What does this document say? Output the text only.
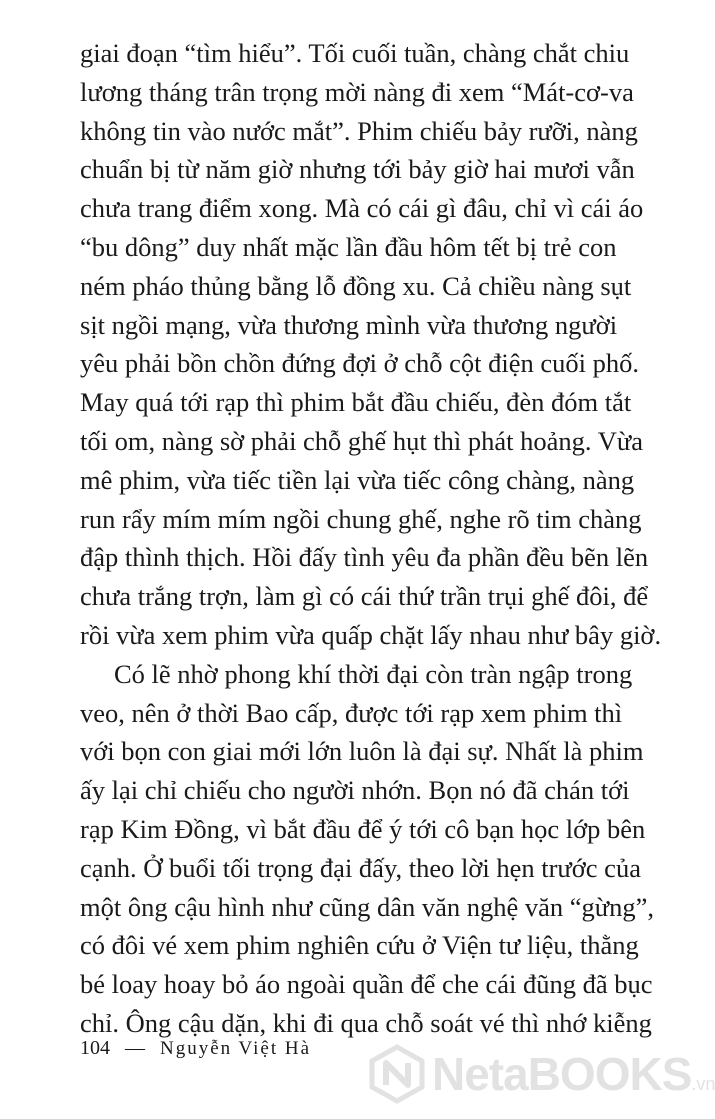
giai đoạn “tìm hiểu”. Tối cuối tuần, chàng chắt chiu
lương tháng trân trọng mời nàng đi xem “Mát-cơ-va
không tin vào nước mắt”. Phim chiếu bảy rưỡi, nàng
chuẩn bị từ năm giờ nhưng tới bảy giờ hai mươi vẫn
chưa trang điểm xong. Mà có cái gì đâu, chỉ vì cái áo
“bu dông” duy nhất mặc lần đầu hôm tết bị trẻ con
ném pháo thủng bằng lỗ đồng xu. Cả chiều nàng sụt
sịt ngồi mạng, vừa thương mình vừa thương người
yêu phải bồn chồn đứng đợi ở chỗ cột điện cuối phố.
May quá tới rạp thì phim bắt đầu chiếu, đèn đóm tắt
tối om, nàng sờ phải chỗ ghế hụt thì phát hoảng. Vừa
mê phim, vừa tiếc tiền lại vừa tiếc công chàng, nàng
run rẩy mím mím ngồi chung ghế, nghe rõ tim chàng
đập thình thịch. Hồi đấy tình yêu đa phần đều bẽn lẽn
chưa trắng trợn, làm gì có cái thứ trần trụi ghế đôi, để
rồi vừa xem phim vừa quấp chặt lấy nhau như bây giờ.
Có lẽ nhờ phong khí thời đại còn tràn ngập trong
veo, nên ở thời Bao cấp, được tới rạp xem phim thì
với bọn con giai mới lớn luôn là đại sự. Nhất là phim
ấy lại chỉ chiếu cho người nhớn. Bọn nó đã chán tới
rạp Kim Đồng, vì bắt đầu để ý tới cô bạn học lớp bên
cạnh. Ở buổi tối trọng đại đấy, theo lời hẹn trước của
một ông cậu hình như cũng dân văn nghệ văn “gừng”,
có đôi vé xem phim nghiên cứu ở Viện tư liệu, thằng
bé loay hoay bỏ áo ngoài quần để che cái đũng đã bục
chỉ. Ông cậu dặn, khi đi qua chỗ soát vé thì nhớ kiễng
104 — Nguyễn Việt Hà	NetaBOOKS.vn
